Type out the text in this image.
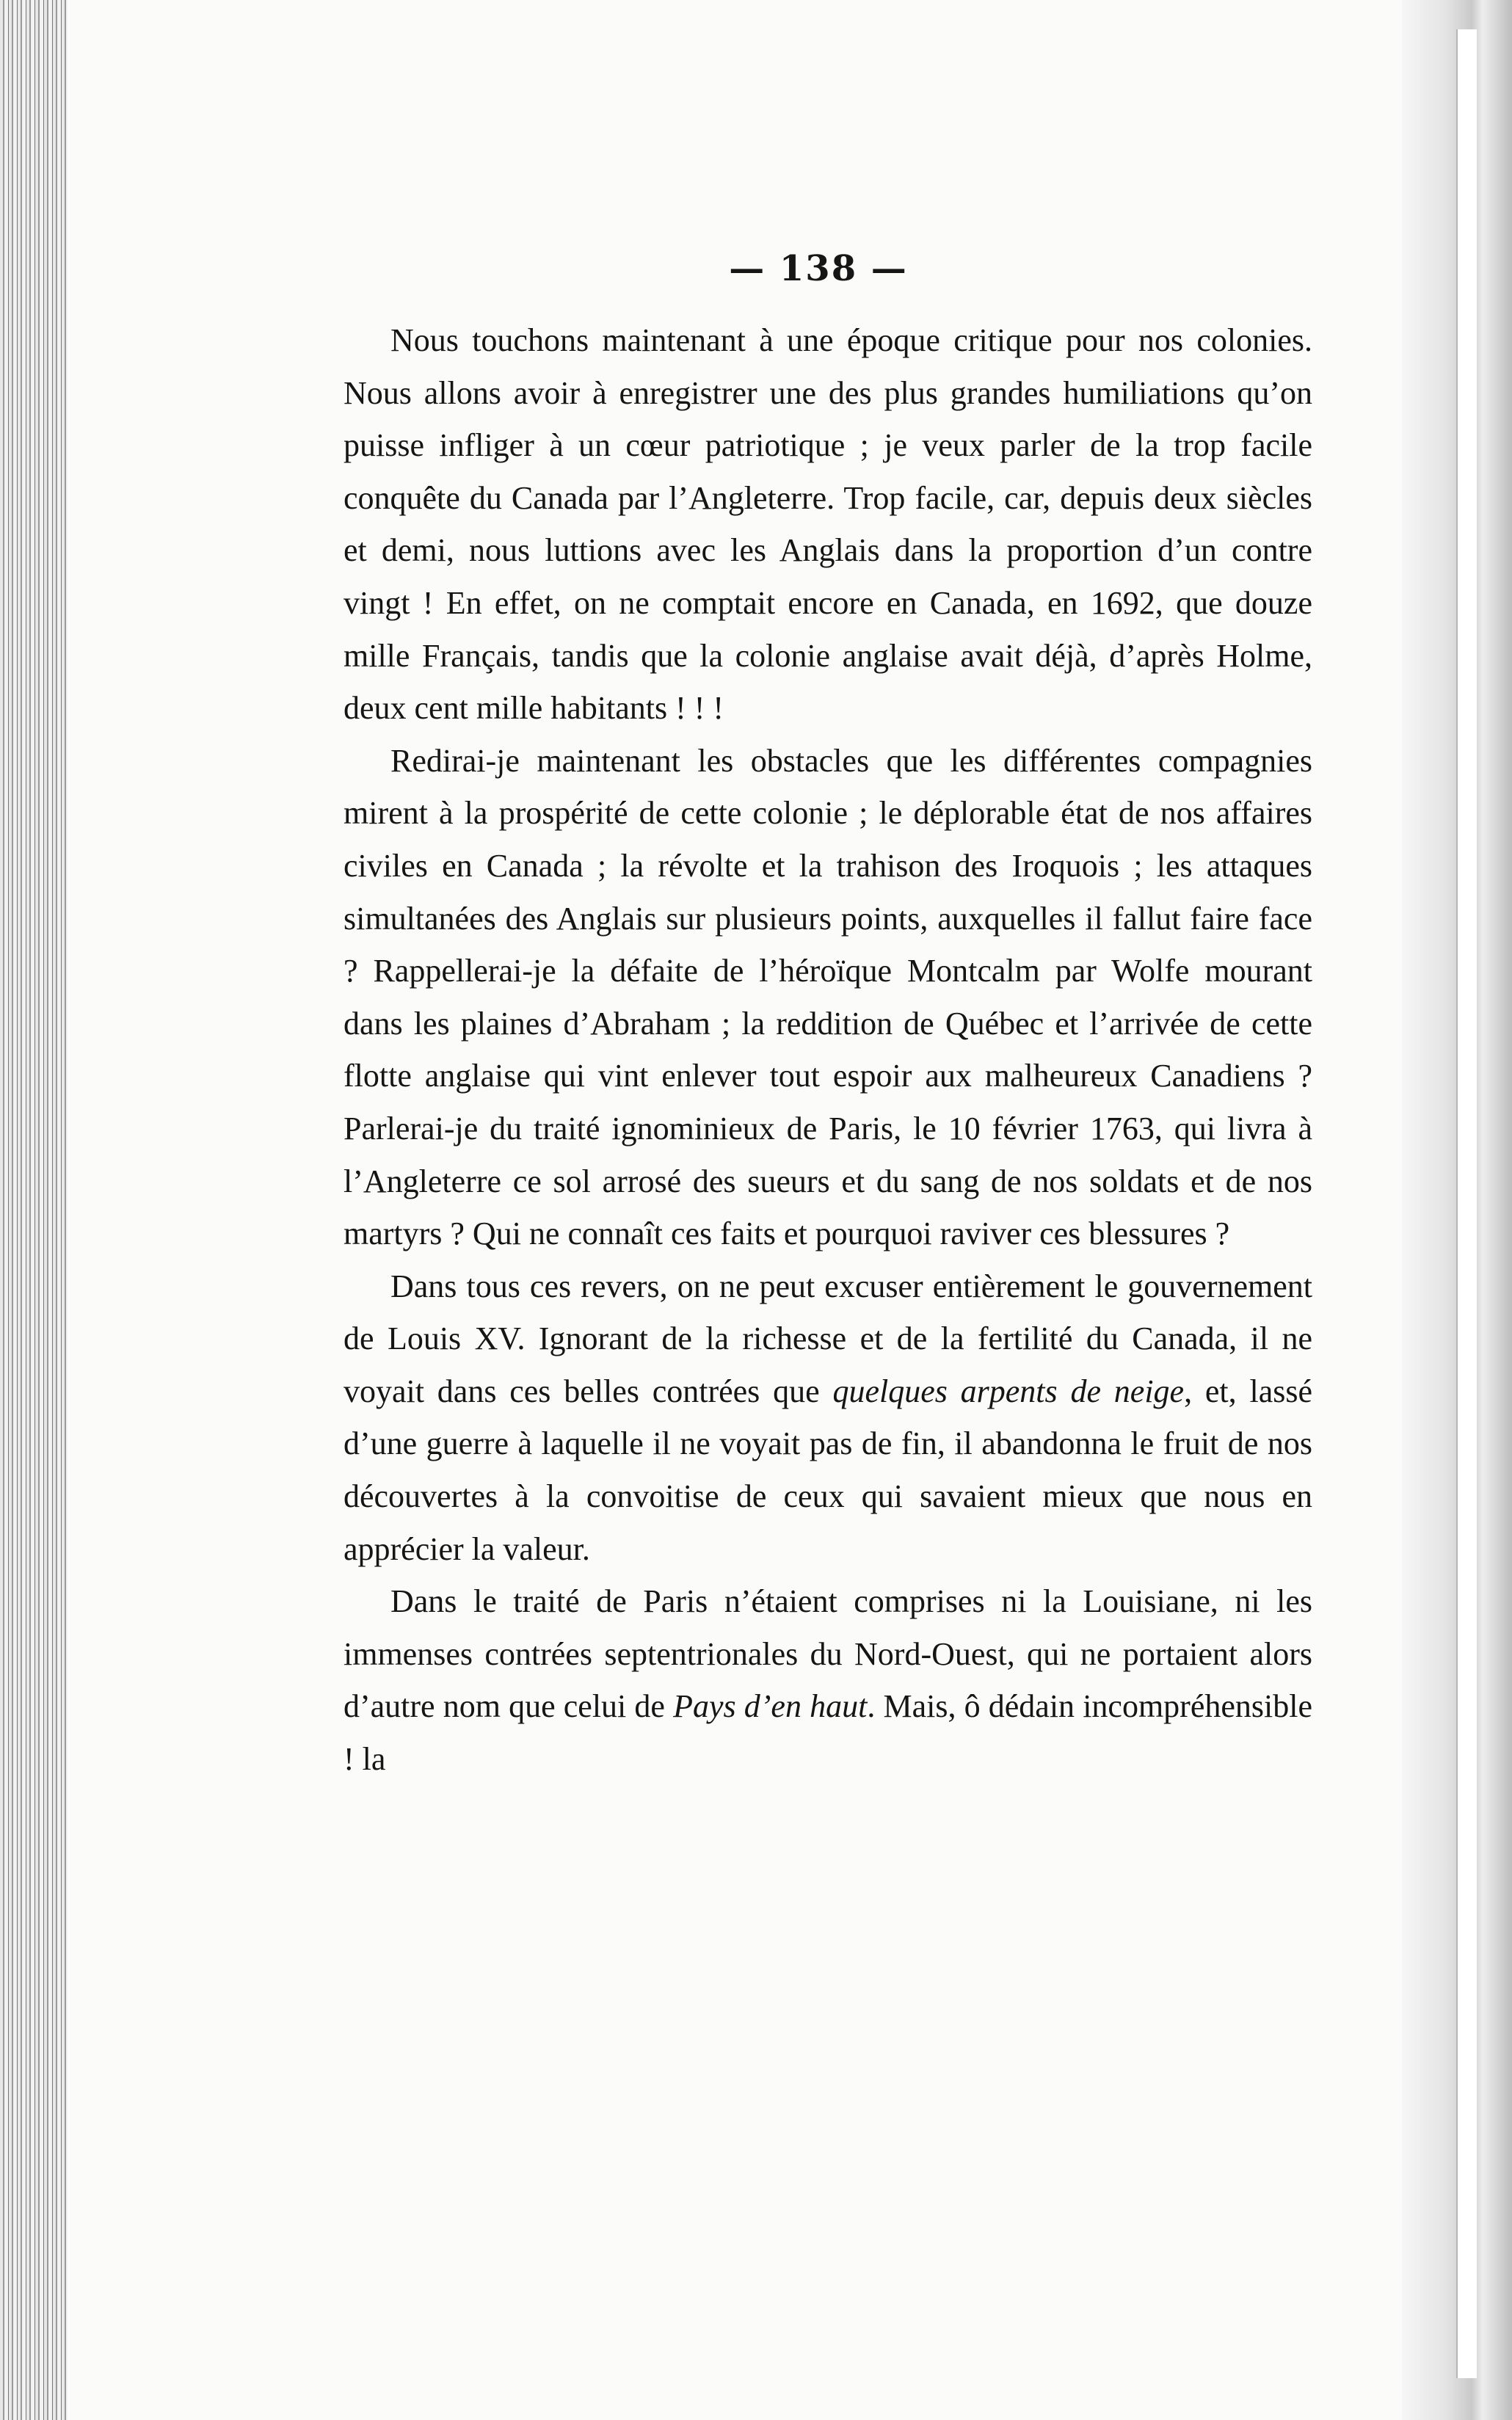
— 138 —

Nous touchons maintenant à une époque critique pour nos colonies. Nous allons avoir à enregistrer une des plus grandes humiliations qu’on puisse infliger à un cœur patriotique ; je veux parler de la trop facile conquête du Canada par l’Angleterre. Trop facile, car, depuis deux siècles et demi, nous luttions avec les Anglais dans la proportion d’un contre vingt ! En effet, on ne comptait encore en Canada, en 1692, que douze mille Français, tandis que la colonie anglaise avait déjà, d’après Holme, deux cent mille habitants ! ! !

Redirai-je maintenant les obstacles que les différentes compagnies mirent à la prospérité de cette colonie ; le déplorable état de nos affaires civiles en Canada ; la révolte et la trahison des Iroquois ; les attaques simultanées des Anglais sur plusieurs points, auxquelles il fallut faire face ? Rappellerai-je la défaite de l’héroïque Montcalm par Wolfe mourant dans les plaines d’Abraham ; la reddition de Québec et l’arrivée de cette flotte anglaise qui vint enlever tout espoir aux malheureux Canadiens ? Parlerai-je du traité ignominieux de Paris, le 10 février 1763, qui livra à l’Angleterre ce sol arrosé des sueurs et du sang de nos soldats et de nos martyrs ? Qui ne connaît ces faits et pourquoi raviver ces blessures ?

Dans tous ces revers, on ne peut excuser entièrement le gouvernement de Louis XV. Ignorant de la richesse et de la fertilité du Canada, il ne voyait dans ces belles contrées que quelques arpents de neige, et, lassé d’une guerre à laquelle il ne voyait pas de fin, il abandonna le fruit de nos découvertes à la convoitise de ceux qui savaient mieux que nous en apprécier la valeur.

Dans le traité de Paris n’étaient comprises ni la Louisiane, ni les immenses contrées septentrionales du Nord-Ouest, qui ne portaient alors d’autre nom que celui de Pays d’en haut. Mais, ô dédain incompréhensible ! la
